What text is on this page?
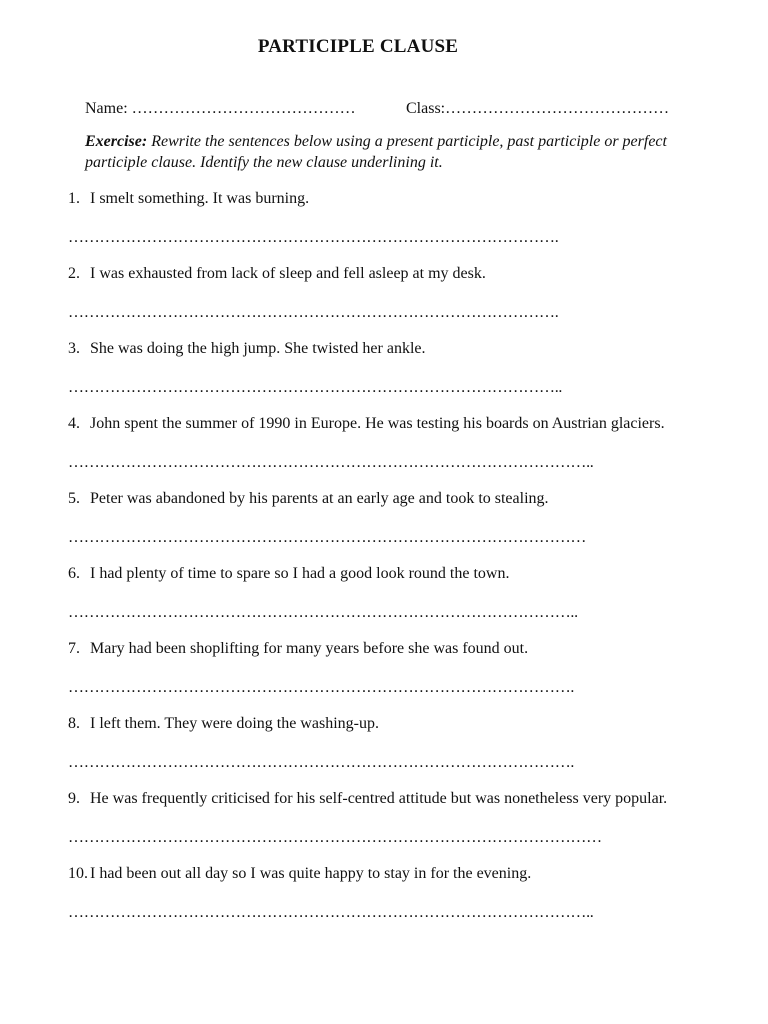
PARTICIPLE CLAUSE
Name: ……………………………………	Class:……………………………………
Exercise: Rewrite the sentences below using a present participle, past participle or perfect participle clause. Identify the new clause underlining it.
1. I smelt something. It was burning.
………………………………………………………………………………….
2. I was exhausted from lack of sleep and fell asleep at my desk.
………………………………………………………………………………….
3. She was doing the high jump. She twisted her ankle.
…………………………………………………………………………………..
4. John spent the summer of 1990 in Europe. He was testing his boards on Austrian glaciers.
………………………………………………………………………………………..
5. Peter was abandoned by his parents at an early age and took to stealing.
………………………………………………………………………………………
6. I had plenty of time to spare so I had a good look round the town.
……………………………………………………………………………………..
7. Mary had been shoplifting for many years before she was found out.
…………………………………………………………………………………….
8. I left them. They were doing the washing-up.
…………………………………………………………………………………….
9. He was frequently criticised for his self-centred attitude but was nonetheless very popular.
…………………………………………………………………………………………
10. I had been out all day so I was quite happy to stay in for the evening.
………………………………………………………………………………………..
